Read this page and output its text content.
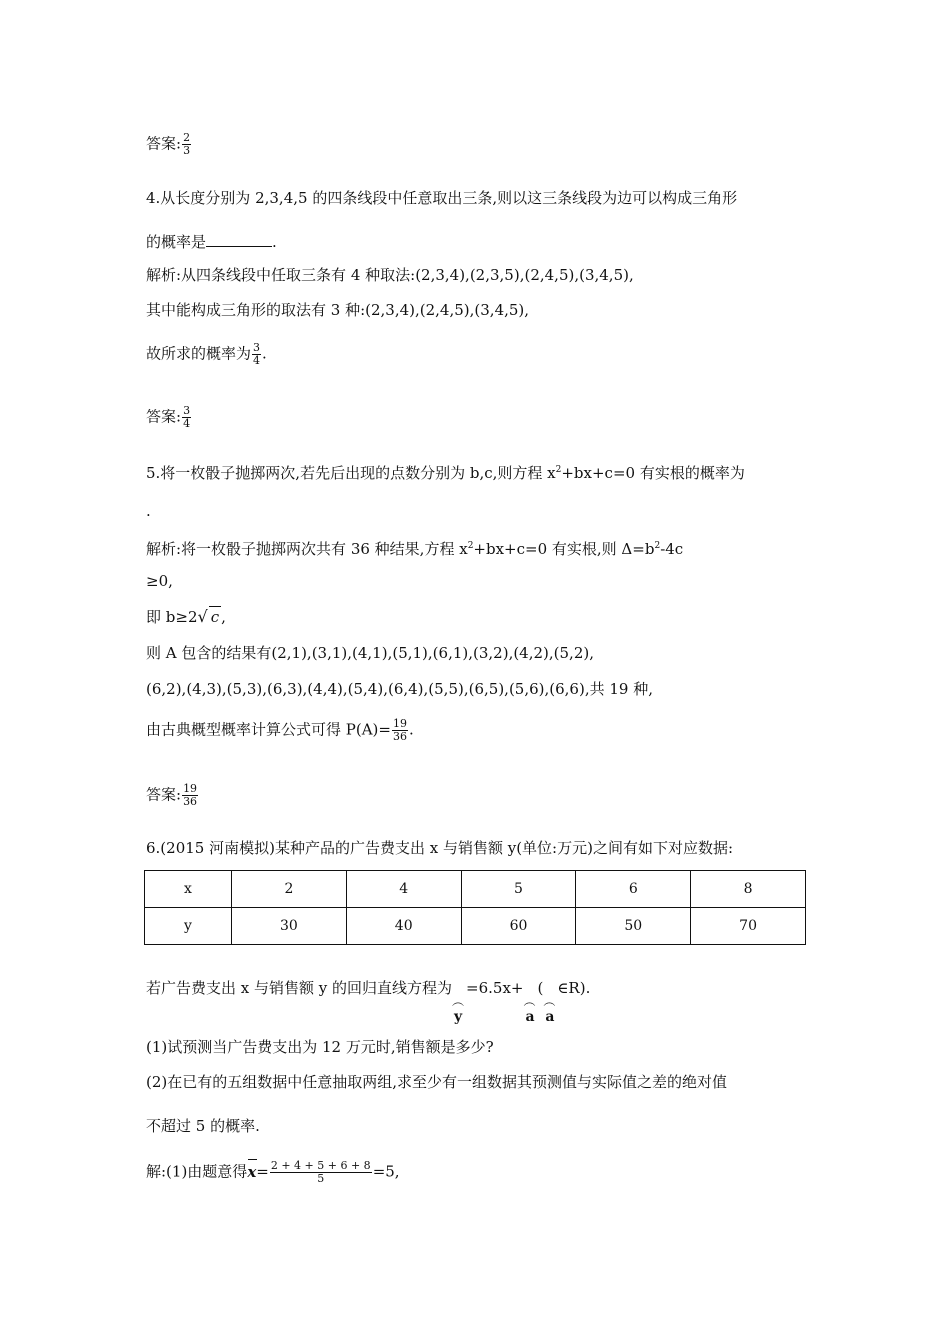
答案: $\frac{2}{3}$
4.从长度分别为 2,3,4,5 的四条线段中任意取出三条,则以这三条线段为边可以构成三角形
的概率是	.
解析:从四条线段中任取三条有 4 种取法:(2,3,4),(2,3,5),(2,4,5),(3,4,5),
其中能构成三角形的取法有 3 种:(2,3,4),(2,4,5),(3,4,5),
故所求的概率为 $\frac{3}{4}$ .
答案: $\frac{3}{4}$
5.将一枚骰子抛掷两次,若先后出现的点数分别为 b,c,则方程 $x^2+bx+c=0$ 有实根的概率为
.
解析:将一枚骰子抛掷两次共有 36 种结果,方程 $x^2+bx+c=0$ 有实根,则 $\Delta=b^2-4c$
≥0,
即 b≥2√ c ,
则 A 包含的结果有(2,1),(3,1),(4,1),(5,1),(6,1),(3,2),(4,2),(5,2),
(6,2),(4,3),(5,3),(6,3),(4,4),(5,4),(6,4),(5,5),(6,5),(5,6),(6,6),共 19 种,
由古典概型概率计算公式可得 $P(A)= \frac{19}{36}$ .
答案: $\frac{19}{36}$
6.(2015 河南模拟)某种产品的广告费支出 x 与销售额 y(单位:万元)之间有如下对应数据:
x	2	4	5	6	8
y	30	40	60	50	70
若广告费支出 x 与销售额 y 的回归直线方程为
︵
y
=6.5x+
︵
a
(
︵
a
∈R).
(1)试预测当广告费支出为 12 万元时,销售额是多少?
(2)在已有的五组数据中任意抽取两组,求至少有一组数据其预测值与实际值之差的绝对值
不超过 5 的概率.
解:(1)由题意得
$x= \frac{2 + 4 + 5 + 6 + 8}{5} =5$,
